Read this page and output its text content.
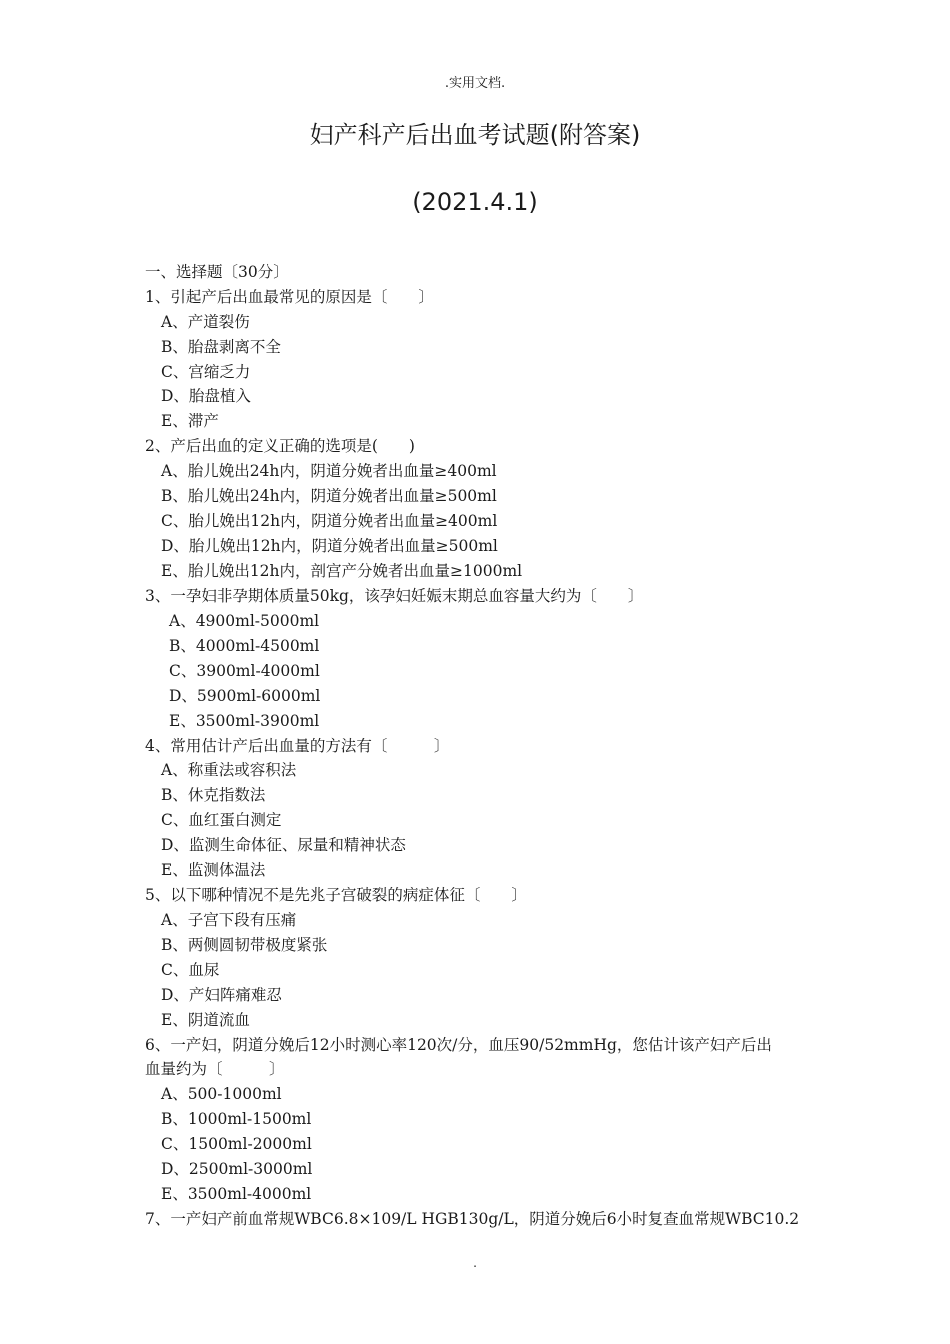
.实用文档.
妇产科产后出血考试题(附答案)
(2021.4.1)
一、选择题〔30分〕
1、引起产后出血最常见的原因是〔　　〕
A、产道裂伤
B、胎盘剥离不全
C、宫缩乏力
D、胎盘植入
E、滞产
2、产后出血的定义正确的选项是(　　)
A、胎儿娩出24h内，阴道分娩者出血量≥400ml
B、胎儿娩出24h内，阴道分娩者出血量≥500ml
C、胎儿娩出12h内，阴道分娩者出血量≥400ml
D、胎儿娩出12h内，阴道分娩者出血量≥500ml
E、胎儿娩出12h内，剖宫产分娩者出血量≥1000ml
3、一孕妇非孕期体质量50kg，该孕妇妊娠末期总血容量大约为〔　　〕
A、4900ml-5000ml
B、4000ml-4500ml
C、3900ml-4000ml
D、5900ml-6000ml
E、3500ml-3900ml
4、常用估计产后出血量的方法有〔　　　〕
A、称重法或容积法
B、休克指数法
C、血红蛋白测定
D、监测生命体征、尿量和精神状态
E、监测体温法
5、以下哪种情况不是先兆子宫破裂的病症体征〔　　〕
A、子宫下段有压痛
B、两侧圆韧带极度紧张
C、血尿
D、产妇阵痛难忍
E、阴道流血
6、一产妇，阴道分娩后12小时测心率120次/分，血压90/52mmHg，您估计该产妇产后出
血量约为〔　　　〕
A、500-1000ml
B、1000ml-1500ml
C、1500ml-2000ml
D、2500ml-3000ml
E、3500ml-4000ml
7、一产妇产前血常规WBC6.8×109/L HGB130g/L，阴道分娩后6小时复查血常规WBC10.2
.
